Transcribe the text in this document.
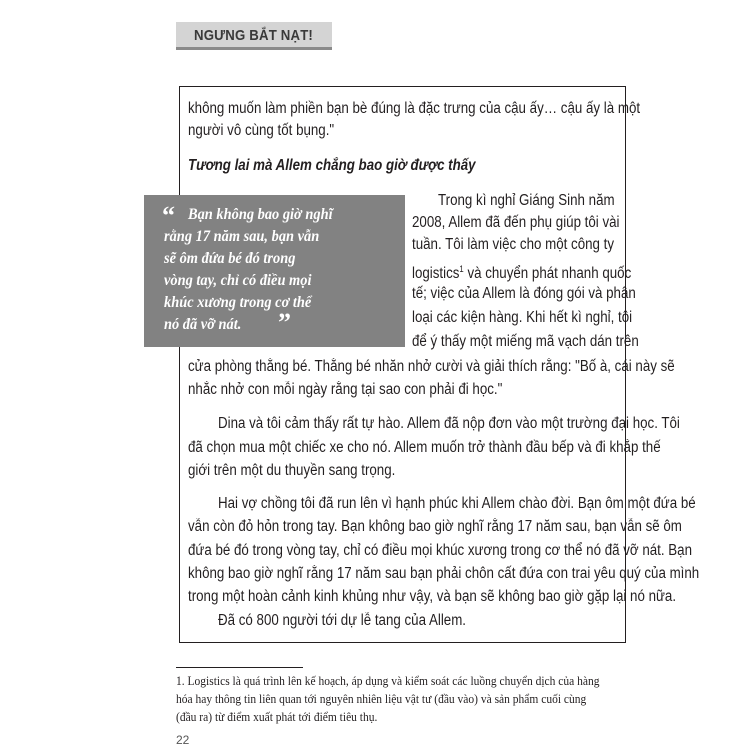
NGƯNG BẮT NẠT!
không muốn làm phiền bạn bè đúng là đặc trưng của cậu ấy… cậu ấy là một
người vô cùng tốt bụng."
Tương lai mà Allem chẳng bao giờ được thấy
Trong kì nghỉ Giáng Sinh năm
2008, Allem đã đến phụ giúp tôi vài
tuần. Tôi làm việc cho một công ty
logistics$^1$ và chuyển phát nhanh quốc
tế; việc của Allem là đóng gói và phân
loại các kiện hàng. Khi hết kì nghỉ, tôi
để ý thấy một miếng mã vạch dán trên
cửa phòng thằng bé. Thằng bé nhăn nhở cười và giải thích rằng: "Bố à, cái này sẽ
nhắc nhở con mỗi ngày rằng tại sao con phải đi học."
Dina và tôi cảm thấy rất tự hào. Allem đã nộp đơn vào một trường đại học. Tôi
đã chọn mua một chiếc xe cho nó. Allem muốn trở thành đầu bếp và đi khắp thế
giới trên một du thuyền sang trọng.
Hai vợ chồng tôi đã run lên vì hạnh phúc khi Allem chào đời. Bạn ôm một đứa bé
vẫn còn đỏ hỏn trong tay. Bạn không bao giờ nghĩ rằng 17 năm sau, bạn vẫn sẽ ôm
đứa bé đó trong vòng tay, chỉ có điều mọi khúc xương trong cơ thể nó đã vỡ nát. Bạn
không bao giờ nghĩ rằng 17 năm sau bạn phải chôn cất đứa con trai yêu quý của mình
trong một hoàn cảnh kinh khủng như vậy, và bạn sẽ không bao giờ gặp lại nó nữa.
Đã có 800 người tới dự lễ tang của Allem.
“ Bạn không bao giờ nghĩ
rằng 17 năm sau, bạn vẫn
sẽ ôm đứa bé đó trong
vòng tay, chỉ có điều mọi
khúc xương trong cơ thể
nó đã vỡ nát. ”
1. Logistics là quá trình lên kế hoạch, áp dụng và kiểm soát các luồng chuyển dịch của hàng
hóa hay thông tin liên quan tới nguyên nhiên liệu vật tư (đầu vào) và sản phẩm cuối cùng
(đầu ra) từ điểm xuất phát tới điểm tiêu thụ.
22
